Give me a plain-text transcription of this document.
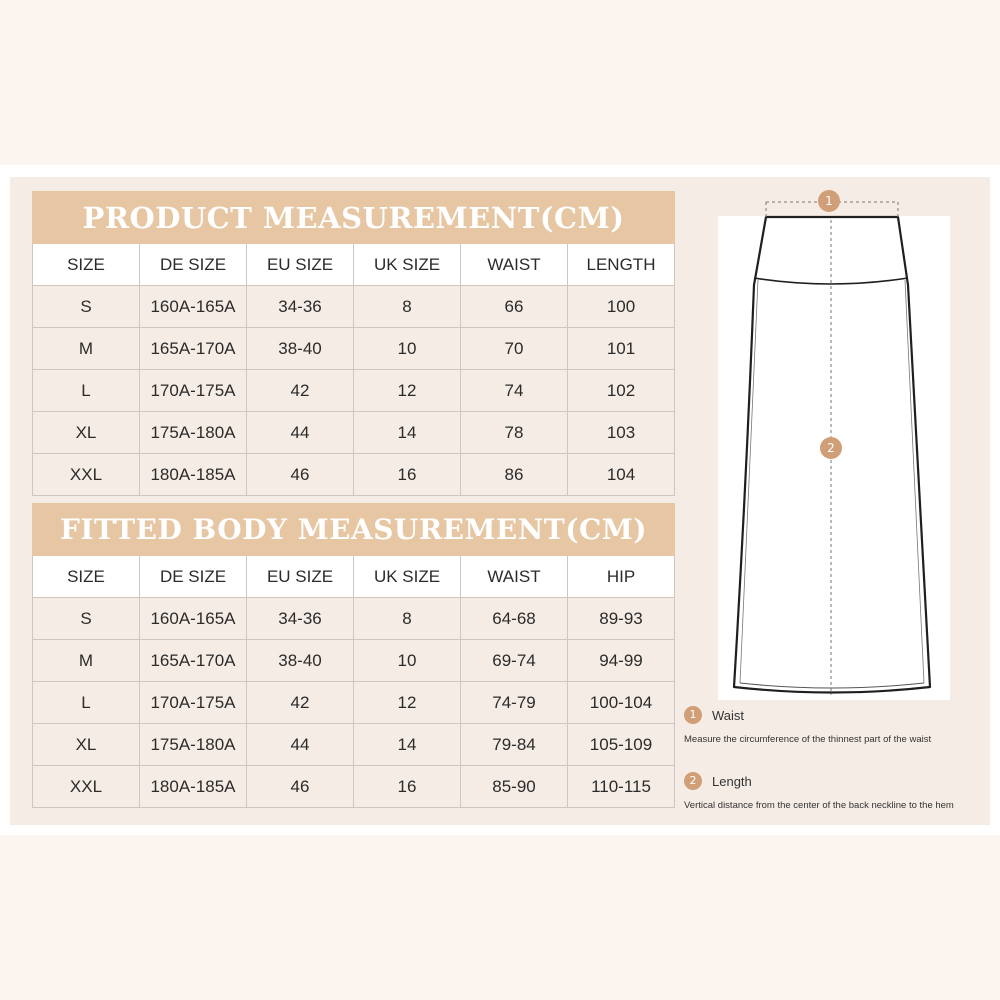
PRODUCT MEASUREMENT(CM)					
SIZE	DE SIZE	EU SIZE	UK SIZE	WAIST	LENGTH
S	160A-165A	34-36	8	66	100
M	165A-170A	38-40	10	70	101
L	170A-175A	42	12	74	102
XL	175A-180A	44	14	78	103
XXL	180A-185A	46	16	86	104
FITTED BODY MEASUREMENT(CM)					
SIZE	DE SIZE	EU SIZE	UK SIZE	WAIST	HIP
S	160A-165A	34-36	8	64-68	89-93
M	165A-170A	38-40	10	69-74	94-99
L	170A-175A	42	12	74-79	100-104
XL	175A-180A	44	14	79-84	105-109
XXL	180A-185A	46	16	85-90	110-115
1
2
1	Waist
Measure the circumference of the thinnest part of the waist
2	Length
Vertical distance from the center of the back neckline to the hem
